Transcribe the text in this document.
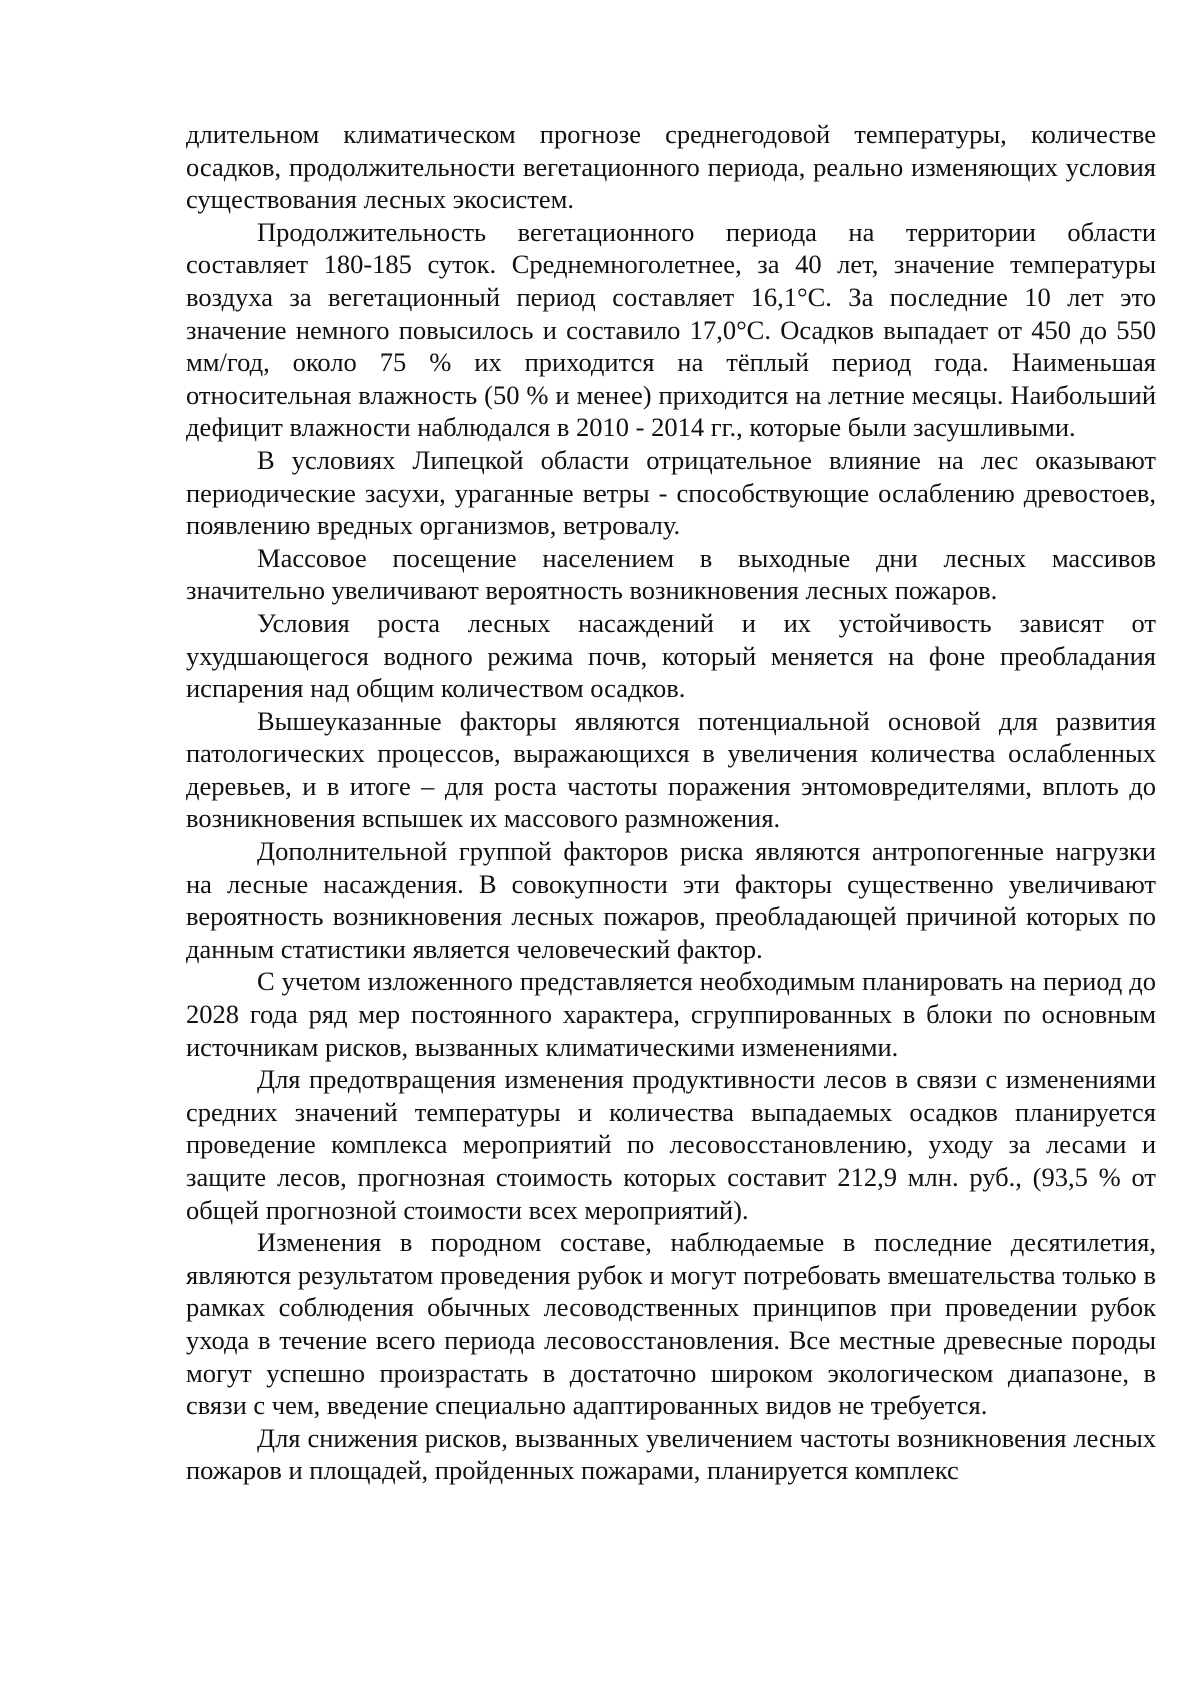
длительном климатическом прогнозе среднегодовой температуры, количестве осадков, продолжительности вегетационного периода, реально изменяющих условия существования лесных экосистем.

Продолжительность вегетационного периода на территории области составляет 180-185 суток. Среднемноголетнее, за 40 лет, значение температуры воздуха за вегетационный период составляет 16,1°С. За последние 10 лет это значение немного повысилось и составило 17,0°С. Осадков выпадает от 450 до 550 мм/год, около 75 % их приходится на тёплый период года. Наименьшая относительная влажность (50 % и менее) приходится на летние месяцы. Наибольший дефицит влажности наблюдался в 2010 - 2014 гг., которые были засушливыми.

В условиях Липецкой области отрицательное влияние на лес оказывают периодические засухи, ураганные ветры - способствующие ослаблению древостоев, появлению вредных организмов, ветровалу.

Массовое посещение населением в выходные дни лесных массивов значительно увеличивают вероятность возникновения лесных пожаров.

Условия роста лесных насаждений и их устойчивость зависят от ухудшающегося водного режима почв, который меняется на фоне преобладания испарения над общим количеством осадков.

Вышеуказанные факторы являются потенциальной основой для развития патологических процессов, выражающихся в увеличения количества ослабленных деревьев, и в итоге – для роста частоты поражения энтомовредителями, вплоть до возникновения вспышек их массового размножения.

Дополнительной группой факторов риска являются антропогенные нагрузки на лесные насаждения. В совокупности эти факторы существенно увеличивают вероятность возникновения лесных пожаров, преобладающей причиной которых по данным статистики является человеческий фактор.

С учетом изложенного представляется необходимым планировать на период до 2028 года ряд мер постоянного характера, сгруппированных в блоки по основным источникам рисков, вызванных климатическими изменениями.

Для предотвращения изменения продуктивности лесов в связи с изменениями средних значений температуры и количества выпадаемых осадков планируется проведение комплекса мероприятий по лесовосстановлению, уходу за лесами и защите лесов, прогнозная стоимость которых составит 212,9 млн. руб., (93,5 % от общей прогнозной стоимости всех мероприятий).

Изменения в породном составе, наблюдаемые в последние десятилетия, являются результатом проведения рубок и могут потребовать вмешательства только в рамках соблюдения обычных лесоводственных принципов при проведении рубок ухода в течение всего периода лесовосстановления. Все местные древесные породы могут успешно произрастать в достаточно широком экологическом диапазоне, в связи с чем, введение специально адаптированных видов не требуется.

Для снижения рисков, вызванных увеличением частоты возникновения лесных пожаров и площадей, пройденных пожарами, планируется комплекс
